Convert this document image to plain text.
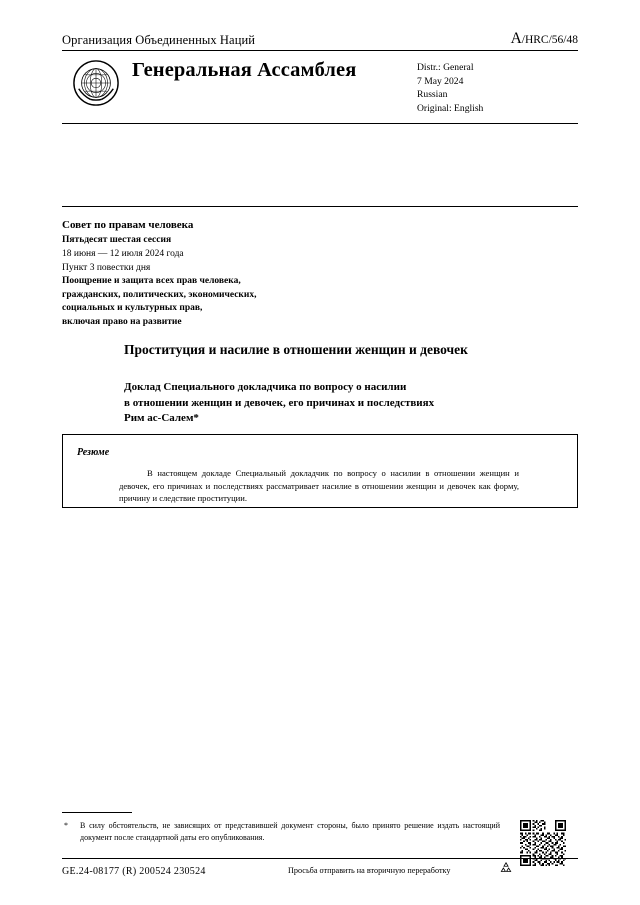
Организация Объединенных Наций	A/HRC/56/48
Генеральная Ассамблея	Distr.: General
7 May 2024
Russian
Original: English
Совет по правам человека
Пятьдесят шестая сессия
18 июня — 12 июля 2024 года
Пункт 3 повестки дня
Поощрение и защита всех прав человека,
гражданских, политических, экономических,
социальных и культурных прав,
включая право на развитие
Проституция и насилие в отношении женщин и девочек
Доклад Специального докладчика по вопросу о насилии
в отношении женщин и девочек, его причинах и последствиях
Рим ас-Салем*
Резюме
В настоящем докладе Специальный докладчик по вопросу о насилии в отношении женщин и девочек, его причинах и последствиях рассматривает насилие в отношении женщин и девочек как форму, причину и следствие проституции.
* В силу обстоятельств, не зависящих от представившей документ стороны, было принято решение издать настоящий документ после стандартной даты его опубликования.
GE.24-08177 (R) 200524 230524	Просьба отправить на вторичную переработку
